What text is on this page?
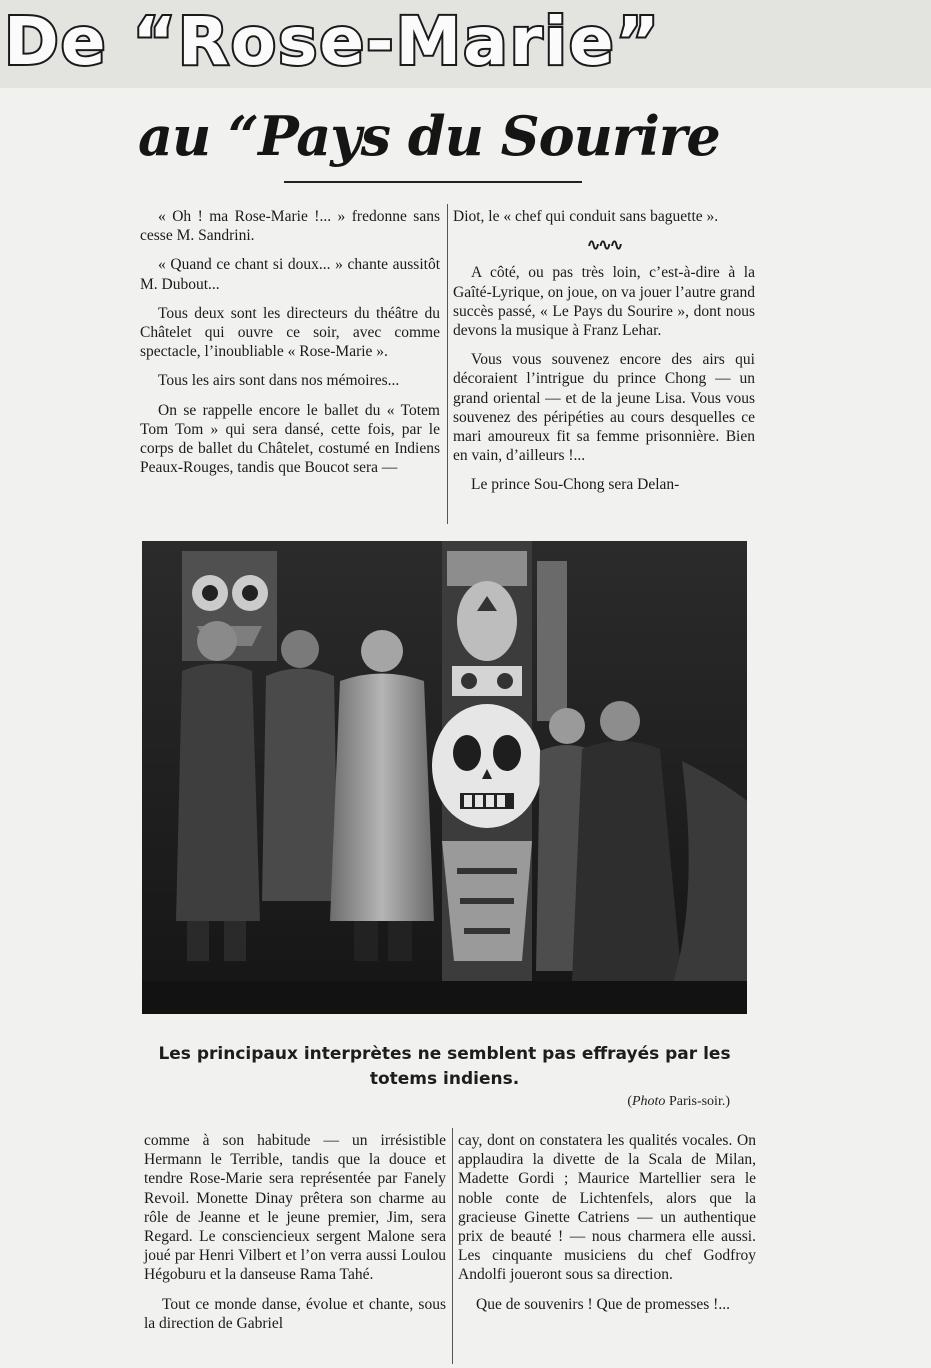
De “Rose-Marie”
au “Pays du Sourire

« Oh ! ma Rose-Marie !... » fredonne sans cesse M. Sandrini.

« Quand ce chant si doux... » chante aussitôt M. Dubout...

Tous deux sont les directeurs du théâtre du Châtelet qui ouvre ce soir, avec comme spectacle, l’inoubliable « Rose-Marie ».

Tous les airs sont dans nos mémoires...

On se rappelle encore le ballet du « Totem Tom Tom » qui sera dansé, cette fois, par le corps de ballet du Châtelet, costumé en Indiens Peaux-Rouges, tandis que Boucot sera —

Diot, le « chef qui conduit sans baguette ».

∿∿∿

A côté, ou pas très loin, c’est-à-dire à la Gaîté-Lyrique, on joue, on va jouer l’autre grand succès passé, « Le Pays du Sourire », dont nous devons la musique à Franz Lehar.

Vous vous souvenez encore des airs qui décoraient l’intrigue du prince Chong — un grand oriental — et de la jeune Lisa. Vous vous souvenez des péripéties au cours desquelles ce mari amoureux fit sa femme prisonnière. Bien en vain, d’ailleurs !...

Le prince Sou-Chong sera Delan-

Les principaux interprètes ne semblent pas effrayés par les totems indiens.
(Photo Paris-soir.)

comme à son habitude — un irrésistible Hermann le Terrible, tandis que la douce et tendre Rose-Marie sera représentée par Fanely Revoil. Monette Dinay prêtera son charme au rôle de Jeanne et le jeune premier, Jim, sera Regard. Le consciencieux sergent Malone sera joué par Henri Vilbert et l’on verra aussi Loulou Hégoburu et la danseuse Rama Tahé.

Tout ce monde danse, évolue et chante, sous la direction de Gabriel

cay, dont on constatera les qualités vocales. On applaudira la divette de la Scala de Milan, Madette Gordi ; Maurice Martellier sera le noble conte de Lichtenfels, alors que la gracieuse Ginette Catriens — un authentique prix de beauté ! — nous charmera elle aussi. Les cinquante musiciens du chef Godfroy Andolfi joueront sous sa direction.

Que de souvenirs ! Que de promesses !...
